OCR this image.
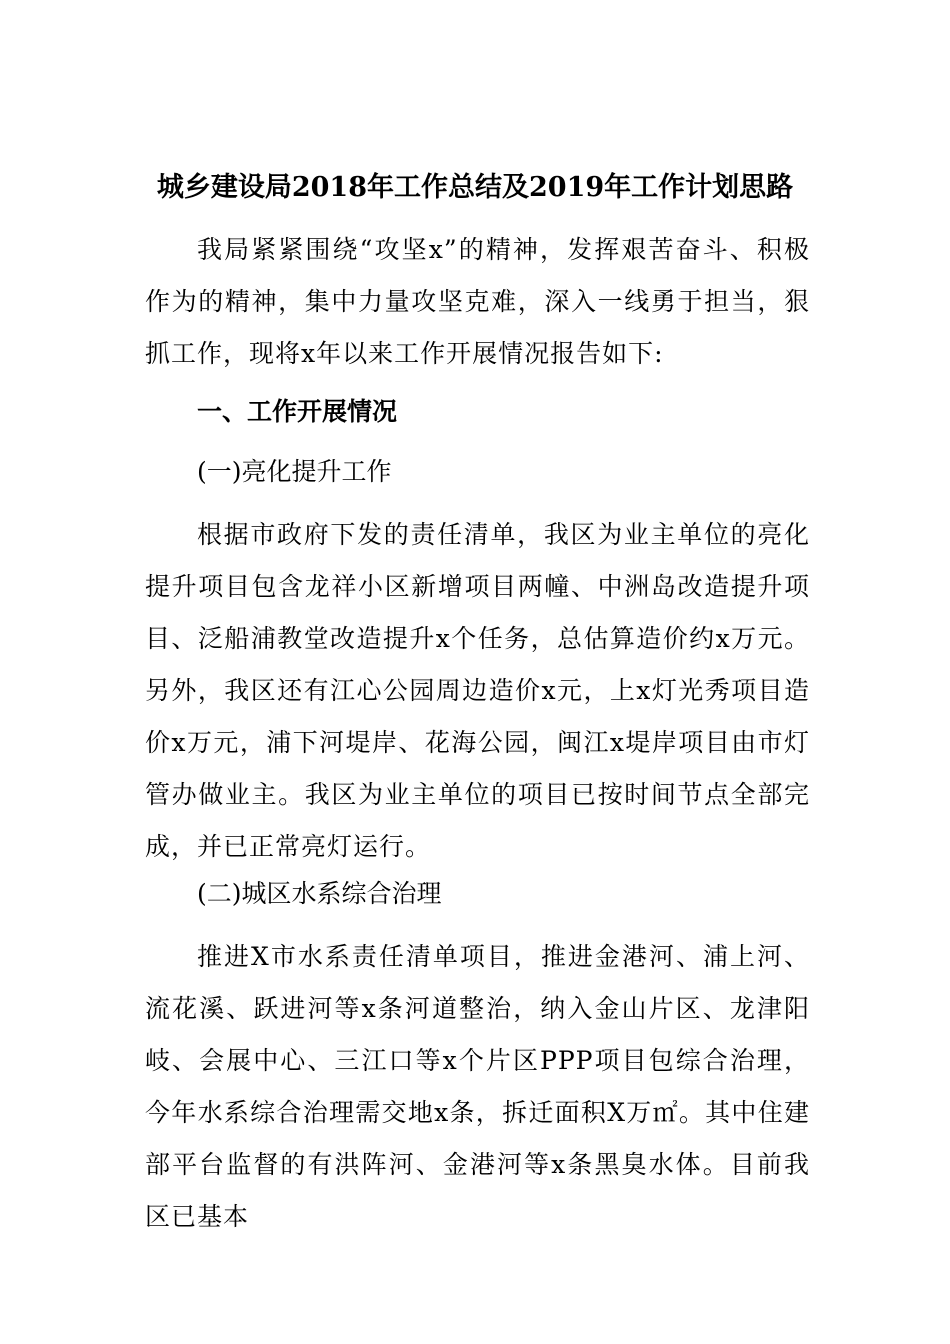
城乡建设局2018年工作总结及2019年工作计划思路

我局紧紧围绕“攻坚x”的精神，发挥艰苦奋斗、积极作为的精神，集中力量攻坚克难，深入一线勇于担当，狠抓工作，现将x年以来工作开展情况报告如下:

一、工作开展情况

(一)亮化提升工作

根据市政府下发的责任清单，我区为业主单位的亮化提升项目包含龙祥小区新增项目两幢、中洲岛改造提升项目、泛船浦教堂改造提升x个任务，总估算造价约x万元。另外，我区还有江心公园周边造价x元，上x灯光秀项目造价x万元，浦下河堤岸、花海公园，闽江x堤岸项目由市灯管办做业主。我区为业主单位的项目已按时间节点全部完成，并已正常亮灯运行。

(二)城区水系综合治理

推进X市水系责任清单项目，推进金港河、浦上河、流花溪、跃进河等x条河道整治，纳入金山片区、龙津阳岐、会展中心、三江口等x个片区PPP项目包综合治理，今年水系综合治理需交地x条，拆迁面积X万㎡。其中住建部平台监督的有洪阵河、金港河等x条黑臭水体。目前我区已基本
